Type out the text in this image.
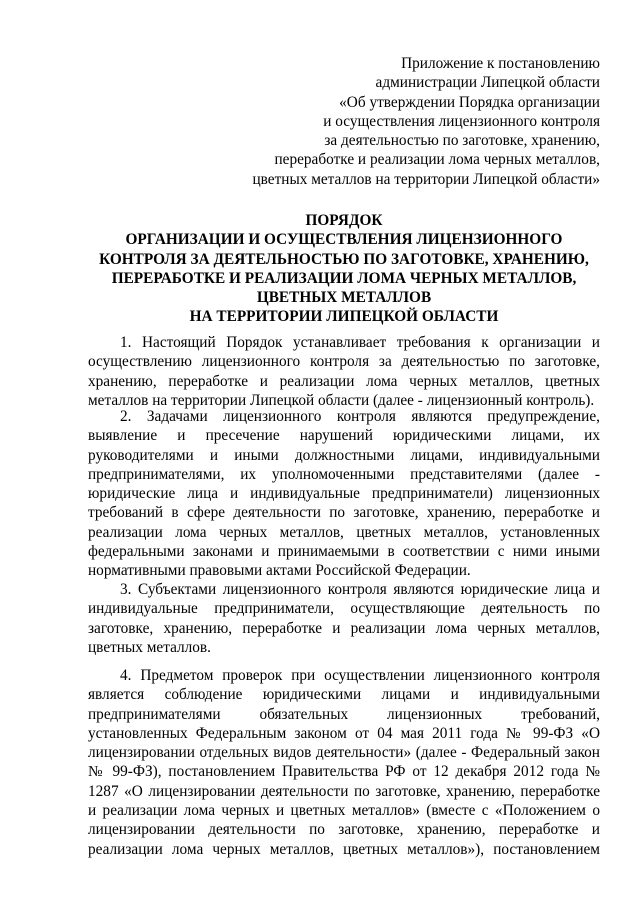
Приложение к постановлению
администрации Липецкой области
«Об утверждении Порядка организации
и осуществления лицензионного контроля
за деятельностью по заготовке, хранению,
переработке и реализации лома черных металлов,
цветных металлов на территории Липецкой области»
ПОРЯДОК
ОРГАНИЗАЦИИ И ОСУЩЕСТВЛЕНИЯ ЛИЦЕНЗИОННОГО
КОНТРОЛЯ ЗА ДЕЯТЕЛЬНОСТЬЮ ПО ЗАГОТОВКЕ, ХРАНЕНИЮ,
ПЕРЕРАБОТКЕ И РЕАЛИЗАЦИИ ЛОМА ЧЕРНЫХ МЕТАЛЛОВ,
ЦВЕТНЫХ МЕТАЛЛОВ
НА ТЕРРИТОРИИ ЛИПЕЦКОЙ ОБЛАСТИ
1. Настоящий Порядок устанавливает требования к организации и
осуществлению лицензионного контроля за деятельностью по заготовке,
хранению, переработке и реализации лома черных металлов, цветных
металлов на территории Липецкой области (далее - лицензионный контроль).
2. Задачами лицензионного контроля являются предупреждение,
выявление и пресечение нарушений юридическими лицами, их
руководителями и иными должностными лицами, индивидуальными
предпринимателями, их уполномоченными представителями (далее -
юридические лица и индивидуальные предприниматели) лицензионных
требований в сфере деятельности по заготовке, хранению, переработке и
реализации лома черных металлов, цветных металлов, установленных
федеральными законами и принимаемыми в соответствии с ними иными
нормативными правовыми актами Российской Федерации.
3. Субъектами лицензионного контроля являются юридические лица и
индивидуальные предприниматели, осуществляющие деятельность по
заготовке, хранению, переработке и реализации лома черных металлов,
цветных металлов.
4. Предметом проверок при осуществлении лицензионного контроля
является соблюдение юридическими лицами и индивидуальными
предпринимателями обязательных лицензионных требований,
установленных Федеральным законом от 04 мая 2011 года № 99-ФЗ «О
лицензировании отдельных видов деятельности» (далее - Федеральный закон
№ 99-ФЗ), постановлением Правительства РФ от 12 декабря 2012 года №
1287 «О лицензировании деятельности по заготовке, хранению, переработке
и реализации лома черных и цветных металлов» (вместе с «Положением о
лицензировании деятельности по заготовке, хранению, переработке и
реализации лома черных металлов, цветных металлов»), постановлением
